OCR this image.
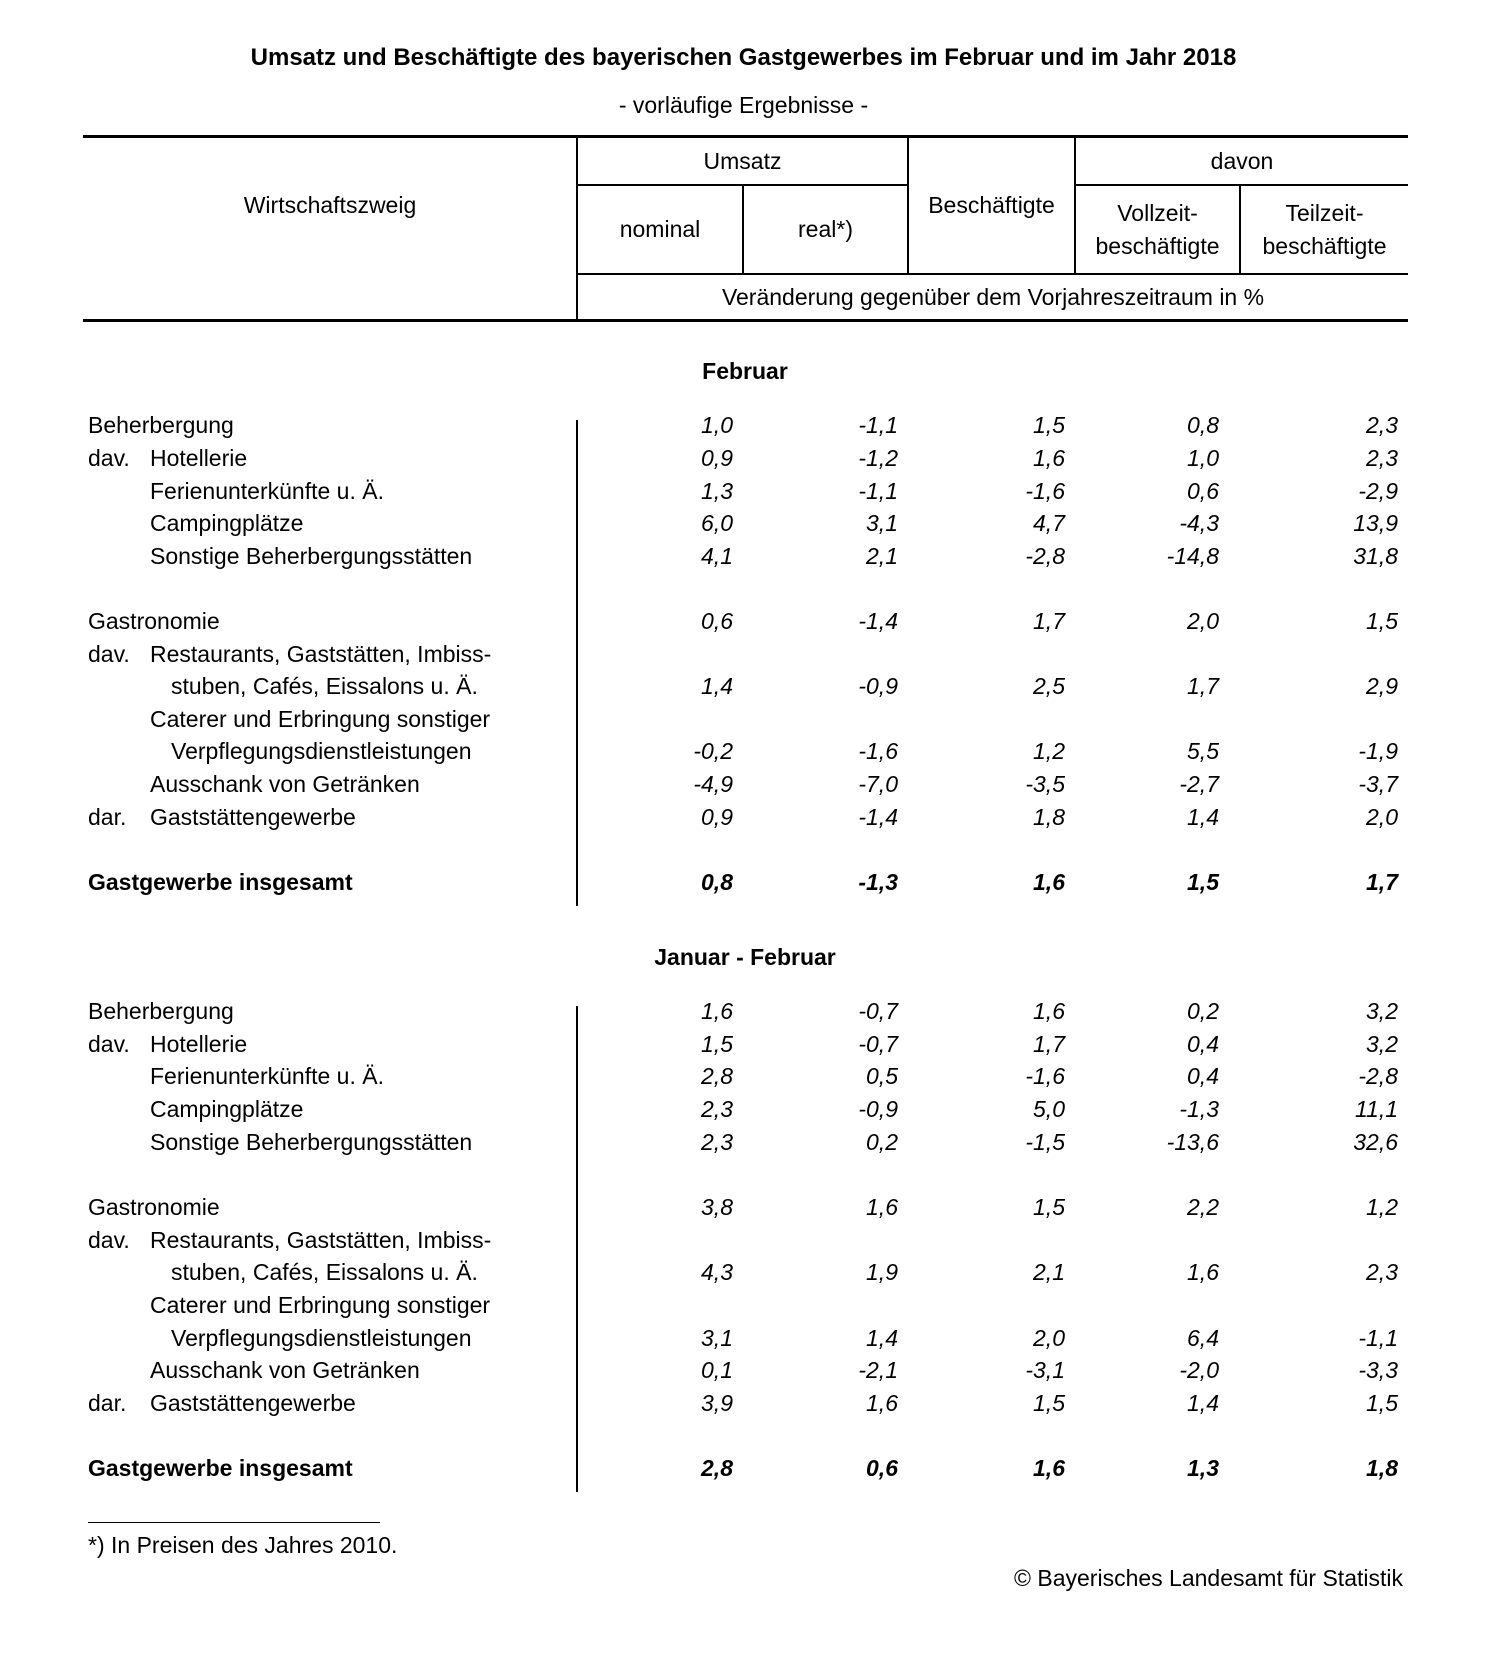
Umsatz und Beschäftigte des bayerischen Gastgewerbes im Februar und im Jahr 2018
- vorläufige Ergebnisse -
Wirtschaftszweig
Umsatz
nominal	real*)
Beschäftigte
davon
Vollzeit-
beschäftigte
Teilzeit-
beschäftigte
Veränderung gegenüber dem Vorjahreszeitraum in %
Februar
Januar - Februar
Beherbergung	1,0	-1,1	1,5	0,8	2,3
dav. Hotellerie	0,9	-1,2	1,6	1,0	2,3
Ferienunterkünfte u. Ä.	1,3	-1,1	-1,6	0,6	-2,9
Campingplätze	6,0	3,1	4,7	-4,3	13,9
Sonstige Beherbergungsstätten	4,1	2,1	-2,8	-14,8	31,8
Gastronomie	0,6	-1,4	1,7	2,0	1,5
dav. Restaurants, Gaststätten, Imbiss-
stuben, Cafés, Eissalons u. Ä.	1,4	-0,9	2,5	1,7	2,9
Caterer und Erbringung sonstiger
Verpflegungsdienstleistungen	-0,2	-1,6	1,2	5,5	-1,9
Ausschank von Getränken	-4,9	-7,0	-3,5	-2,7	-3,7
dar. Gaststättengewerbe	0,9	-1,4	1,8	1,4	2,0
Gastgewerbe insgesamt	0,8	-1,3	1,6	1,5	1,7
Beherbergung	1,6	-0,7	1,6	0,2	3,2
dav. Hotellerie	1,5	-0,7	1,7	0,4	3,2
Ferienunterkünfte u. Ä.	2,8	0,5	-1,6	0,4	-2,8
Campingplätze	2,3	-0,9	5,0	-1,3	11,1
Sonstige Beherbergungsstätten	2,3	0,2	-1,5	-13,6	32,6
Gastronomie	3,8	1,6	1,5	2,2	1,2
dav. Restaurants, Gaststätten, Imbiss-
stuben, Cafés, Eissalons u. Ä.	4,3	1,9	2,1	1,6	2,3
Caterer und Erbringung sonstiger
Verpflegungsdienstleistungen	3,1	1,4	2,0	6,4	-1,1
Ausschank von Getränken	0,1	-2,1	-3,1	-2,0	-3,3
dar. Gaststättengewerbe	3,9	1,6	1,5	1,4	1,5
Gastgewerbe insgesamt	2,8	0,6	1,6	1,3	1,8
*) In Preisen des Jahres 2010.
© Bayerisches Landesamt für Statistik
